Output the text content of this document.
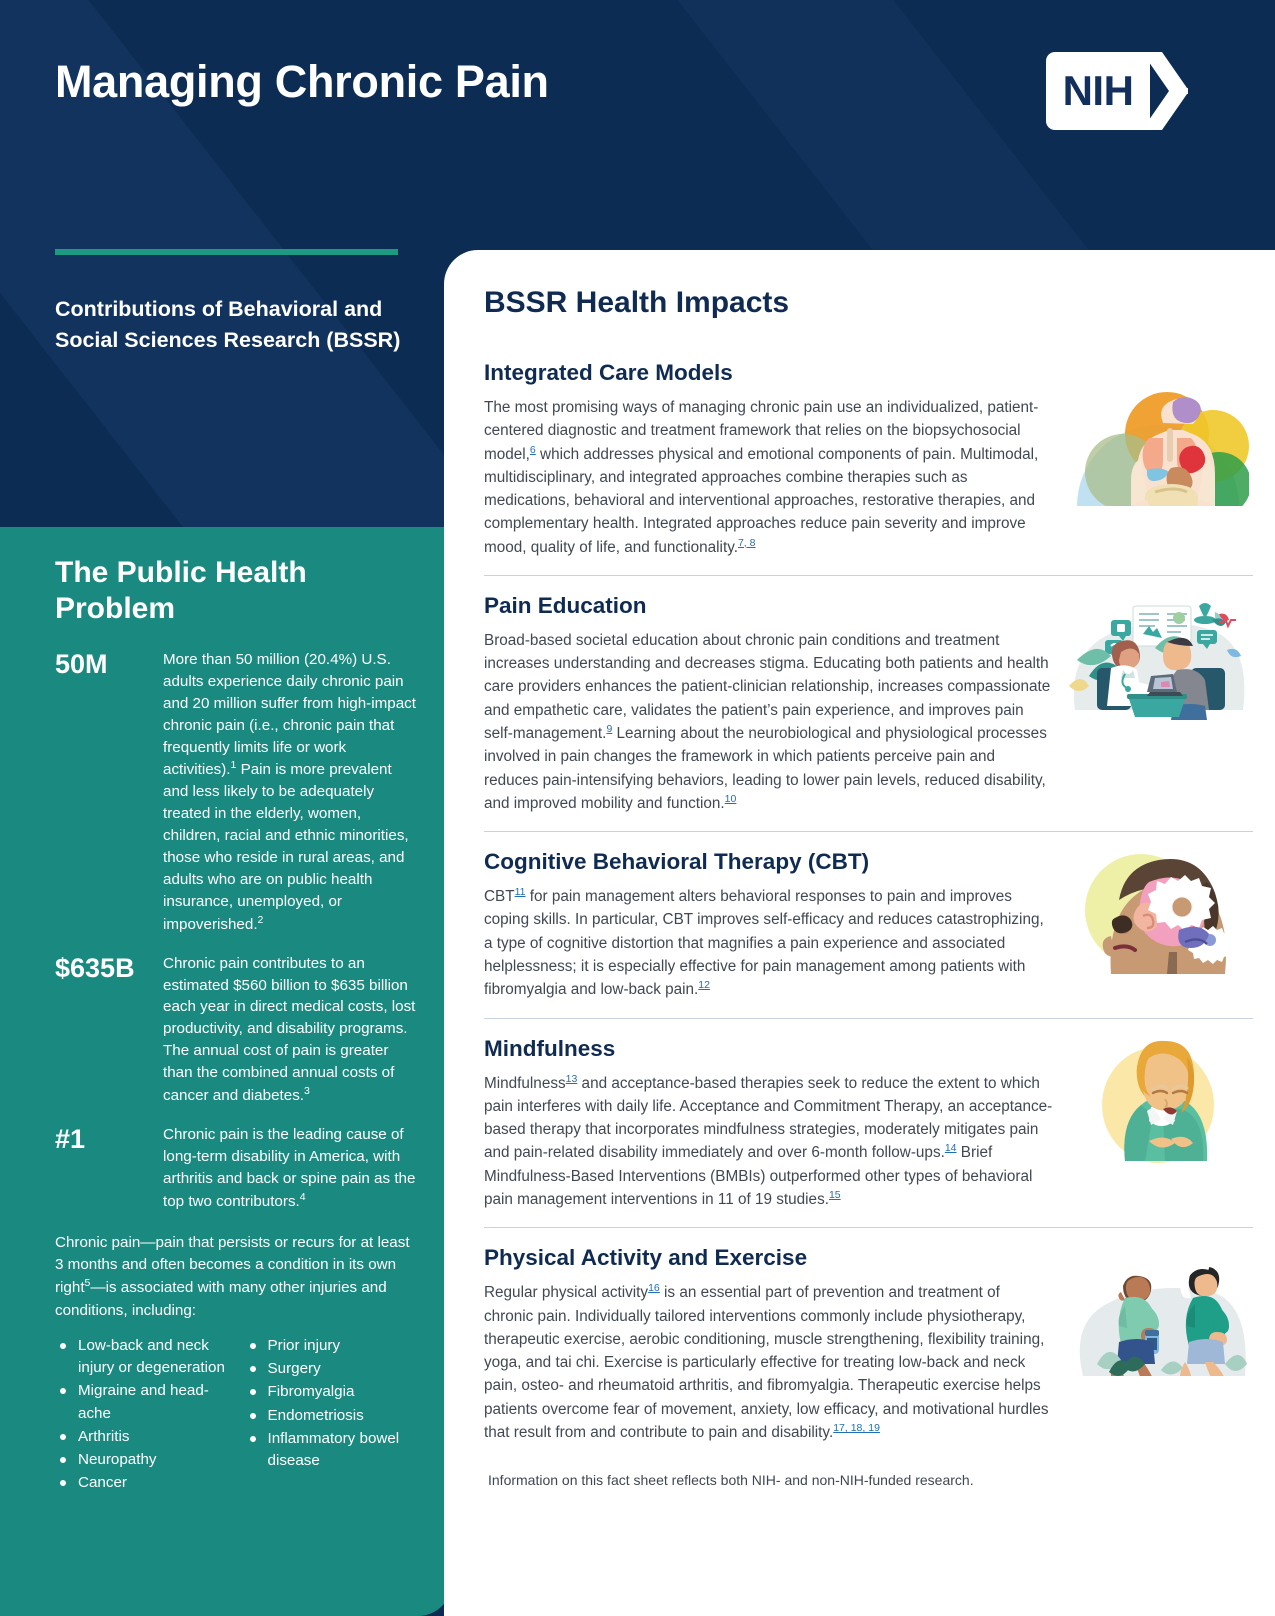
NIH
Managing Chronic Pain
Contributions of Behavioral and Social Sciences Research (BSSR)
The Public Health Problem
50M	More than 50 million (20.4%) U.S. adults experience daily chronic pain and 20 million suffer from high-impact chronic pain (i.e., chronic pain that frequently limits life or work activities).$^1$ Pain is more prevalent and less likely to be adequately treated in the elderly, women, children, racial and ethnic minorities, those who reside in rural areas, and adults who are on public health insurance, unemployed, or impoverished.$^2$
$635B	Chronic pain contributes to an estimated $560 billion to $635 billion each year in direct medical costs, lost productivity, and disability programs. The annual cost of pain is greater than the combined annual costs of cancer and diabetes.$^3$
#1	Chronic pain is the leading cause of long-term disability in America, with arthritis and back or spine pain as the top two contributors.$^4$
Chronic pain—pain that persists or recurs for at least 3 months and often becomes a condition in its own right$^5$—is associated with many other injuries and conditions, including:
Low-back and neck injury or degeneration
Migraine and head-ache
Arthritis
Neuropathy
Cancer
Prior injury
Surgery
Fibromyalgia
Endometriosis
Inflammatory bowel disease
BSSR Health Impacts
Integrated Care Models
The most promising ways of managing chronic pain use an individualized, patient-centered diagnostic and treatment framework that relies on the biopsychosocial model,$^6$ which addresses physical and emotional components of pain. Multimodal, multidisciplinary, and integrated approaches combine therapies such as medications, behavioral and interventional approaches, restorative therapies, and complementary health. Integrated approaches reduce pain severity and improve mood, quality of life, and functionality.$^{7, 8}$
Pain Education
Broad-based societal education about chronic pain conditions and treatment increases understanding and decreases stigma. Educating both patients and health care providers enhances the patient-clinician relationship, increases compassionate and empathetic care, validates the patient’s pain experience, and improves pain self-management.$^9$ Learning about the neurobiological and physiological processes involved in pain changes the framework in which patients perceive pain and reduces pain-intensifying behaviors, leading to lower pain levels, reduced disability, and improved mobility and function.$^{10}$
Cognitive Behavioral Therapy (CBT)
CBT$^{11}$ for pain management alters behavioral responses to pain and improves coping skills. In particular, CBT improves self-efficacy and reduces catastrophizing, a type of cognitive distortion that magnifies a pain experience and associated helplessness; it is especially effective for pain management among patients with fibromyalgia and low-back pain.$^{12}$
Mindfulness
Mindfulness$^{13}$ and acceptance-based therapies seek to reduce the extent to which pain interferes with daily life. Acceptance and Commitment Therapy, an acceptance-based therapy that incorporates mindfulness strategies, moderately mitigates pain and pain-related disability immediately and over 6-month follow-ups.$^{14}$ Brief Mindfulness-Based Interventions (BMBIs) outperformed other types of behavioral pain management interventions in 11 of 19 studies.$^{15}$
Physical Activity and Exercise
Regular physical activity$^{16}$ is an essential part of prevention and treatment of chronic pain. Individually tailored interventions commonly include physiotherapy, therapeutic exercise, aerobic conditioning, muscle strengthening, flexibility training, yoga, and tai chi. Exercise is particularly effective for treating low-back and neck pain, osteo- and rheumatoid arthritis, and fibromyalgia. Therapeutic exercise helps patients overcome fear of movement, anxiety, low efficacy, and motivational hurdles that result from and contribute to pain and disability.$^{17, 18, 19}$
Information on this fact sheet reflects both NIH- and non-NIH-funded research.
